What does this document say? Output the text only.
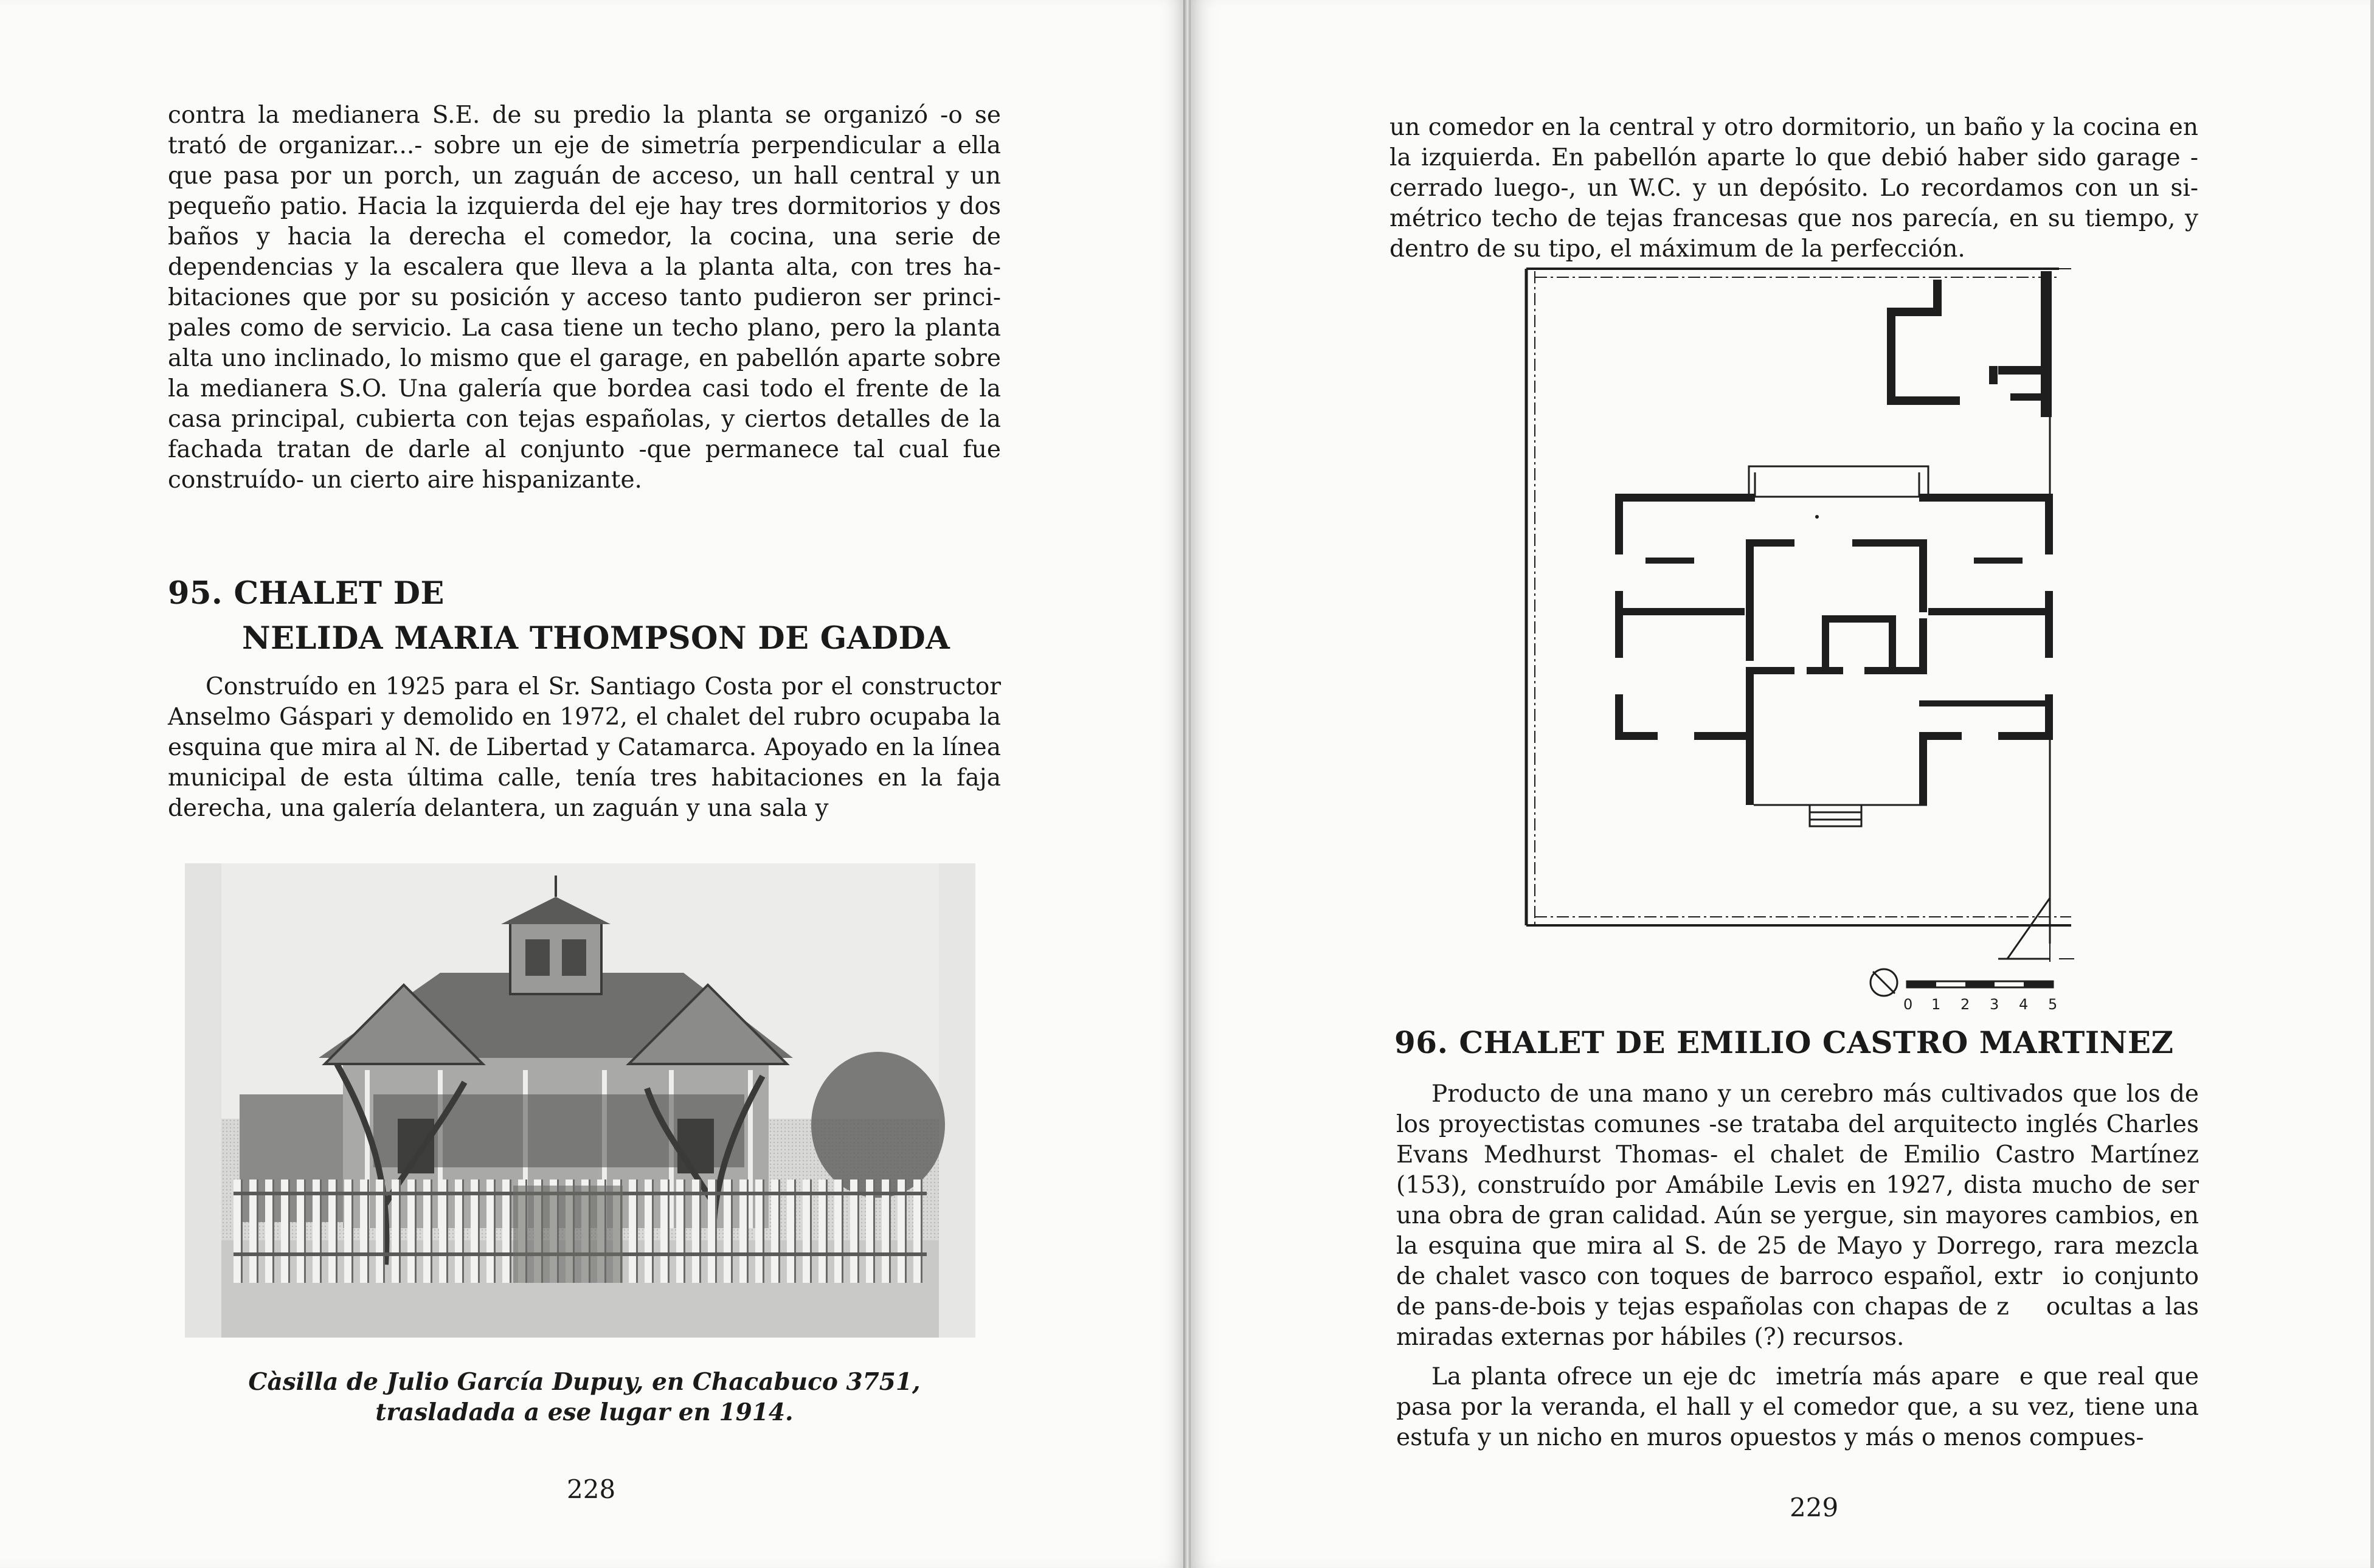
contra la medianera S.E. de su predio la planta se organizó -o se trató de organizar...- sobre un eje de simetría perpendicular a ella que pasa por un porch, un zaguán de acceso, un hall central y un pequeño patio. Hacia la izquierda del eje hay tres dormitorios y dos baños y hacia la derecha el comedor, la cocina, una serie de dependencias y la escalera que lleva a la planta alta, con tres habitaciones que por su posición y acceso tanto pudieron ser principales como de servicio. La casa tiene un techo plano, pero la planta alta uno inclinado, lo mismo que el garage, en pabellón aparte sobre la medianera S.O. Una galería que bordea casi todo el frente de la casa principal, cubierta con tejas españolas, y ciertos detalles de la fachada tratan de darle al conjunto -que permanece tal cual fue construído- un cierto aire hispanizante.

95. CHALET DE
NELIDA MARIA THOMPSON DE GADDA

Construído en 1925 para el Sr. Santiago Costa por el constructor Anselmo Gáspari y demolido en 1972, el chalet del rubro ocupaba la esquina que mira al N. de Libertad y Catamarca. Apoyado en la línea municipal de esta última calle, tenía tres habitaciones en la faja derecha, una galería delantera, un zaguán y una sala y

Càsilla de Julio García Dupuy, en Chacabuco 3751,

trasladada a ese lugar en 1914.

228

un comedor en la central y otro dormitorio, un baño y la cocina en la izquierda. En pabellón aparte lo que debió haber sido garage -cerrado luego-, un W.C. y un depósito. Lo recordamos con un simétrico techo de tejas francesas que nos parecía, en su tiempo, y dentro de su tipo, el máximum de la perfección.

96. CHALET DE EMILIO CASTRO MARTINEZ

Producto de una mano y un cerebro más cultivados que los de los proyectistas comunes -se trataba del arquitecto inglés Charles Evans Medhurst Thomas- el chalet de Emilio Castro Martínez (153), construído por Amábile Levis en 1927, dista mucho de ser una obra de gran calidad. Aún se yergue, sin mayores cambios, en la esquina que mira al S. de 25 de Mayo y Dorrego, rara mezcla de chalet vasco con toques de barroco español, extr  io conjunto de pans-de-bois y tejas españolas con chapas de z    ocultas a las miradas externas por hábiles (?) recursos.

La planta ofrece un eje dc  imetría más apare  e que real que pasa por la veranda, el hall y el comedor que, a su vez, tiene una estufa y un nicho en muros opuestos y más o menos compues-

229

0 1 2 3 4 5
